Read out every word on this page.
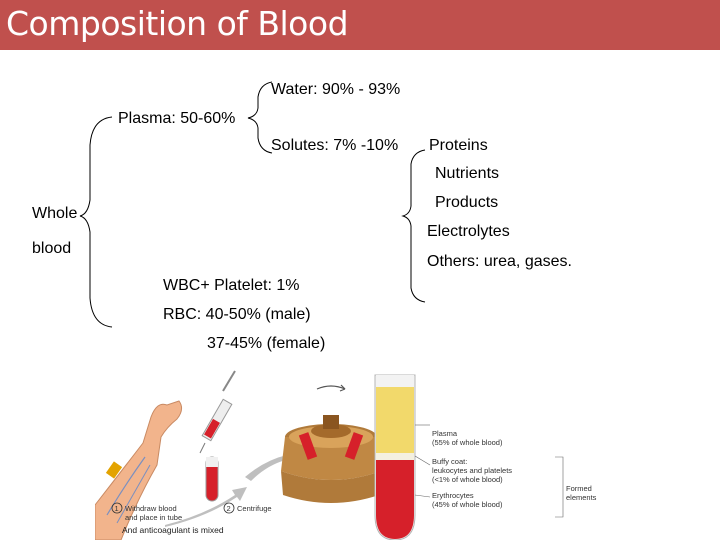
Composition of Blood
Water: 90% - 93%
Plasma: 50-60%
Solutes: 7% -10% Proteins
Nutrients
Products
Electrolytes
Others: urea, gases.
Whole
blood
WBC+ Platelet: 1%
RBC: 40-50% (male)
37-45% (female)
Plasma
(55% of whole blood)
Buffy coat:
leukocytes and platelets
(<1% of whole blood)
Erythrocytes
(45% of whole blood)
Formed
elements
1 Withdraw blood
and place in tube
2 Centrifuge
And anticoagulant is mixed
